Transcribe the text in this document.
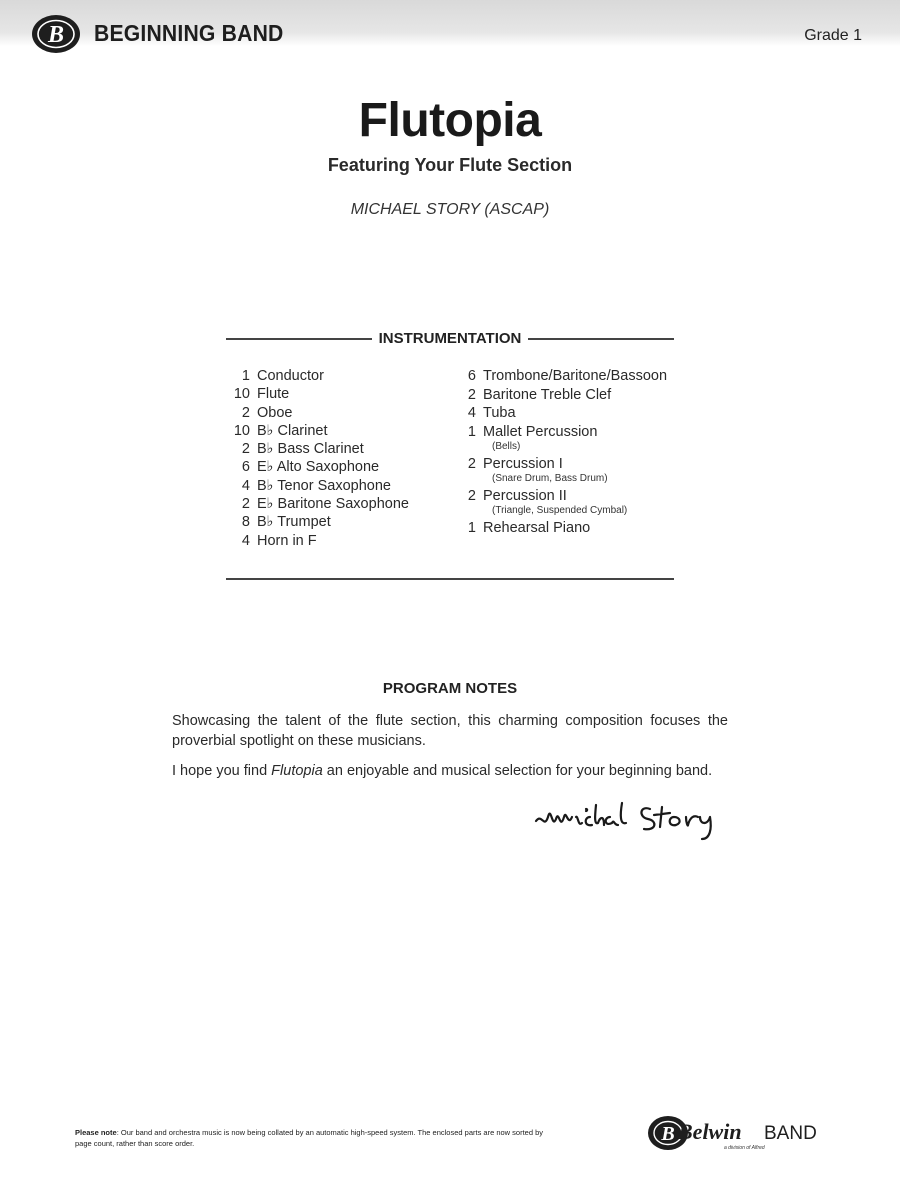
B BEGINNING BAND	Grade 1
Flutopia
Featuring Your Flute Section
MICHAEL STORY (ASCAP)
INSTRUMENTATION
1 Conductor
10 Flute
2 Oboe
10 B♭ Clarinet
2 B♭ Bass Clarinet
6 E♭ Alto Saxophone
4 B♭ Tenor Saxophone
2 E♭ Baritone Saxophone
8 B♭ Trumpet
4 Horn in F
6 Trombone/Baritone/Bassoon
2 Baritone Treble Clef
4 Tuba
1 Mallet Percussion
(Bells)
2 Percussion I
(Snare Drum, Bass Drum)
2 Percussion II
(Triangle, Suspended Cymbal)
1 Rehearsal Piano
PROGRAM NOTES
Showcasing the talent of the flute section, this charming composition focuses the proverbial spotlight on these musicians.
I hope you find Flutopia an enjoyable and musical selection for your beginning band.
Please note: Our band and orchestra music is now being collated by an automatic high-speed system. The enclosed parts are now sorted by page count, rather than score order.	B Belwin BAND
a division of Alfred
